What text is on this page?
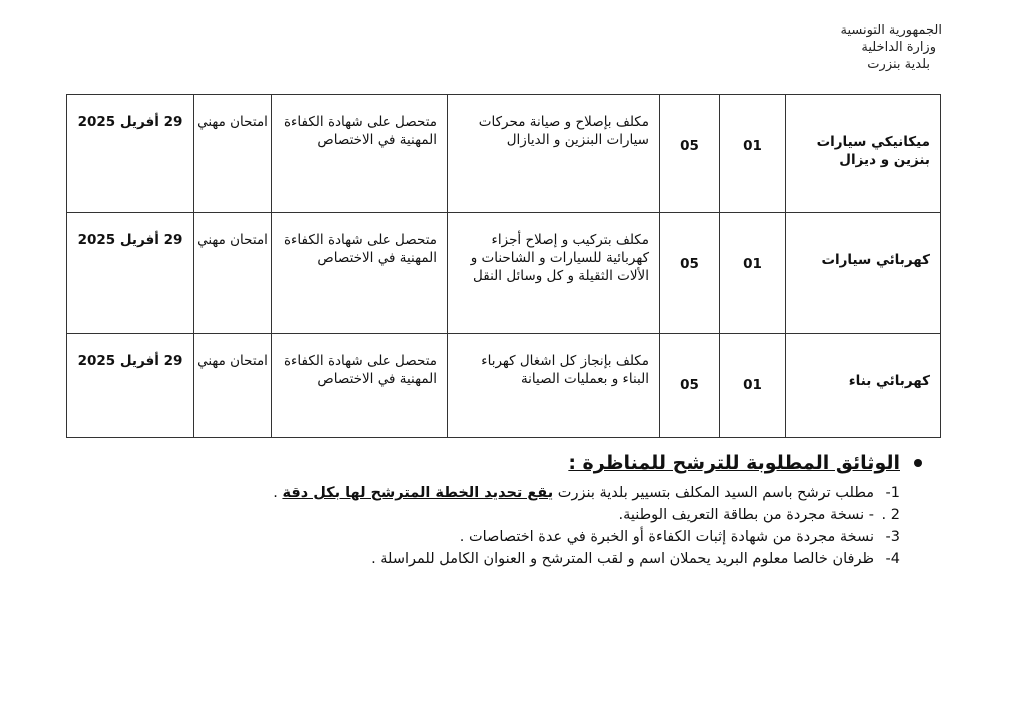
الجمهورية التونسية
وزارة الداخلية
بلدية بنزرت
ميكانيكي سيارات بنزين و ديزال	01	05	مكلف بإصلاح و صيانة محركات سيارات البنزين و الديازال	متحصل على شهادة الكفاءة المهنية في الاختصاص	امتحان مهني	29 أفريل 2025
كهربائي سيارات	01	05	مكلف بتركيب و إصلاح أجزاء كهربائية للسيارات و الشاحنات و الألات الثقيلة و كل وسائل النقل	متحصل على شهادة الكفاءة المهنية في الاختصاص	امتحان مهني	29 أفريل 2025
كهربائي بناء	01	05	مكلف بإنجاز كل اشغال كهرباء البناء و بعمليات الصيانة	متحصل على شهادة الكفاءة المهنية في الاختصاص	امتحان مهني	29 أفريل 2025
الوثائق المطلوبة للترشح للمناظرة :
1-مطلب ترشح باسم السيد المكلف بتسيير بلدية بنزرت يقع تحديد الخطة المترشح لها بكل دقة .
2 .- نسخة مجردة من بطاقة التعريف الوطنية.
3-نسخة مجردة من شهادة إثبات الكفاءة أو الخبرة في عدة اختصاصات .
4-ظرفان خالصا معلوم البريد يحملان اسم و لقب المترشح و العنوان الكامل للمراسلة .
